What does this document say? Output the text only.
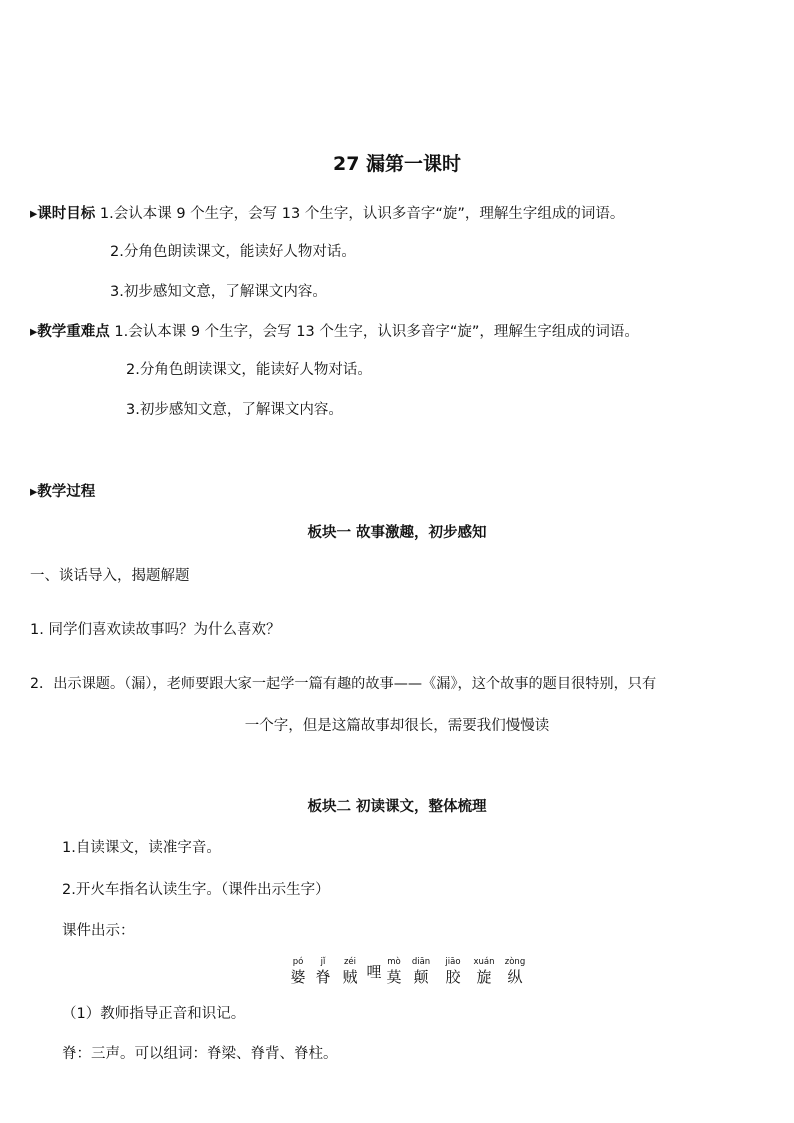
27 漏第一课时
▸课时目标 1.会认本课 9 个生字，会写 13 个生字，认识多音字“旋”，理解生字组成的词语。
2.分角色朗读课文，能读好人物对话。
3.初步感知文意，了解课文内容。
▸教学重难点 1.会认本课 9 个生字，会写 13 个生字，认识多音字“旋”，理解生字组成的词语。
2.分角色朗读课文，能读好人物对话。
3.初步感知文意，了解课文内容。
▸教学过程
板块一 故事激趣，初步感知
一、谈话导入，揭题解题
1. 同学们喜欢读故事吗？为什么喜欢？
2．出示课题。（漏），老师要跟大家一起学一篇有趣的故事——《漏》，这个故事的题目很特别，只有
一个字，但是这篇故事却很长，需要我们慢慢读
板块二 初读课文，整体梳理
1.自读课文，读准字音。
2.开火车指名认读生字。（课件出示生字）
课件出示：
pó
婆
jǐ
脊
zéi
贼 哩
mò
莫
diān
颠
jiāo
胶
xuán
旋
zòng
纵
（1）教师指导正音和识记。
脊：三声。可以组词：脊梁、脊背、脊柱。
